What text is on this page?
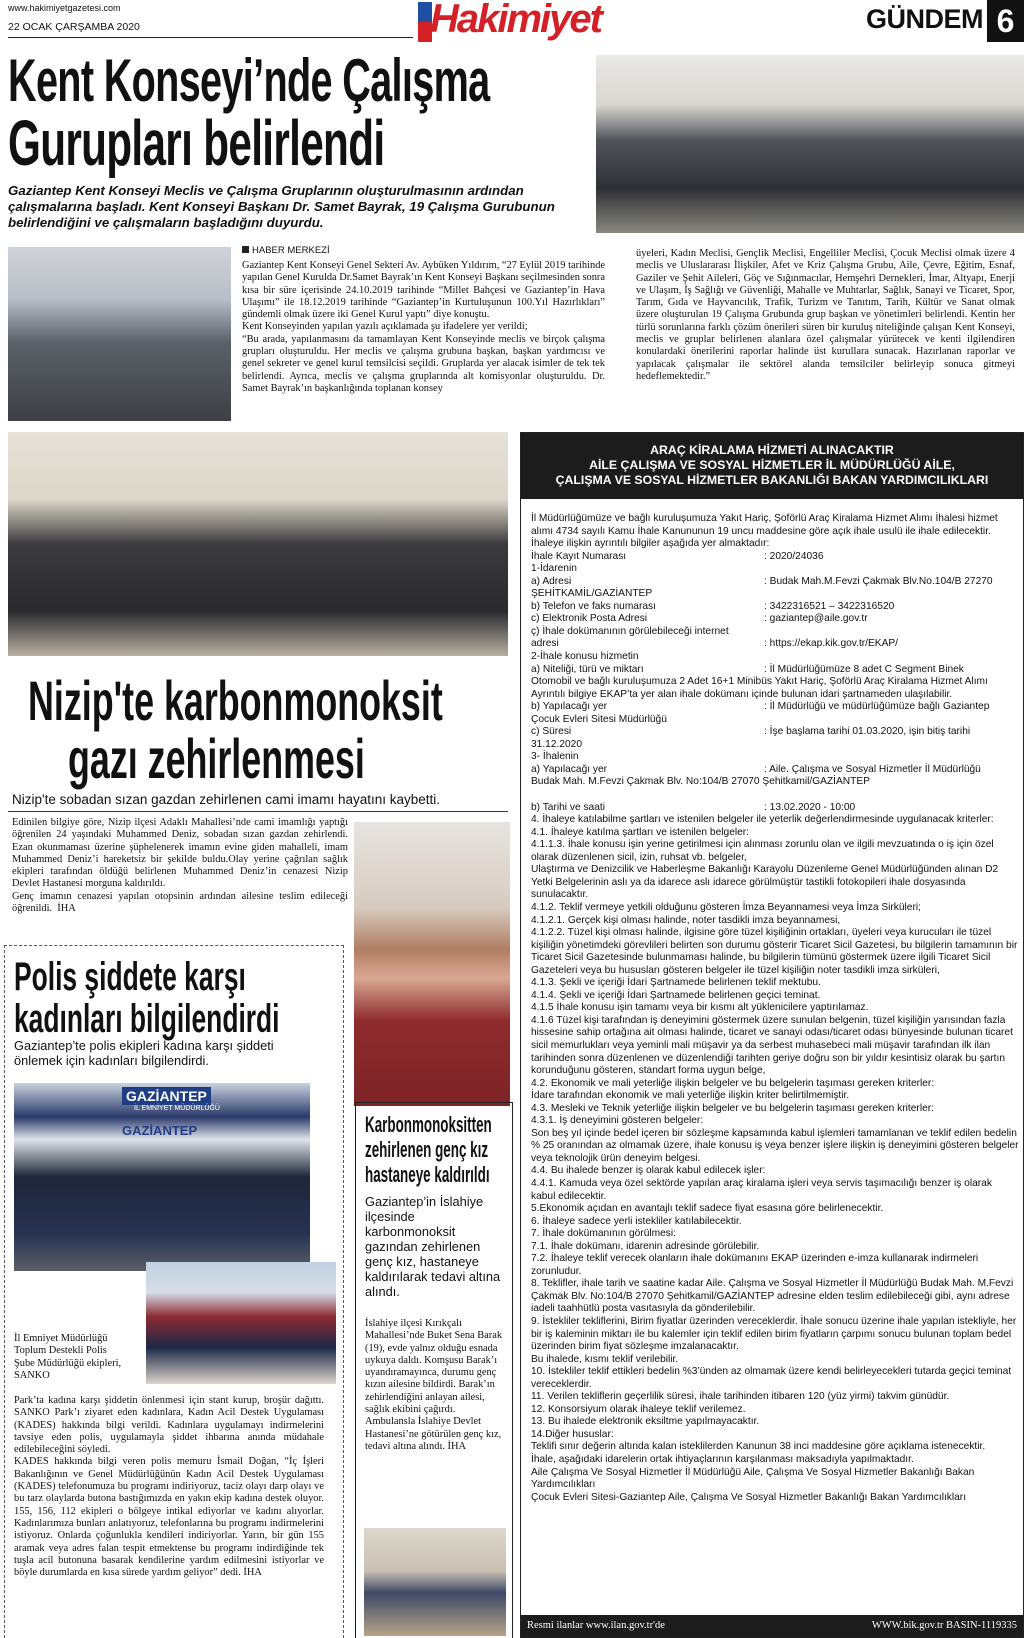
www.hakimiyetgazetesi.com
22 OCAK ÇARŞAMBA 2020	Hakimiyet	GÜNDEM 6
Kent Konseyi’nde Çalışma
Gurupları belirlendi
Gaziantep Kent Konseyi Meclis ve Çalışma Gruplarının oluşturulmasının ardından çalışmalarına başladı. Kent Konseyi Başkanı Dr. Samet Bayrak, 19 Çalışma Gurubunun belirlendiğini ve çalışmaların başladığını duyurdu.
HABER MERKEZİ
Gaziantep Kent Konseyi Genel Sekteri Av. Aybüken Yıldırım, “27 Eylül 2019 tarihinde yapılan Genel Kurulda Dr.Samet Bayrak’ın Kent Konseyi Başkanı seçilmesinden sonra kısa bir süre içerisinde 24.10.2019 tarihinde “Millet Bahçesi ve Gaziantep’in Hava Ulaşımı” ile 18.12.2019 tarihinde “Gaziantep’in Kurtuluşunun 100.Yıl Hazırlıkları” gündemli olmak üzere iki Genel Kurul yaptı” diye konuştu.
Kent Konseyinden yapılan yazılı açıklamada şu ifadelere yer verildi;
“Bu arada, yapılanmasını da tamamlayan Kent Konseyinde meclis ve birçok çalışma grupları oluşturuldu. Her meclis ve çalışma grubuna başkan, başkan yardımcısı ve genel sekreter ve genel kurul temsilcisi seçildi. Gruplarda yer alacak isimler de tek tek belirlendi. Ayrıca, meclis ve çalışma gruplarında alt komisyonlar oluşturuldu. Dr. Samet Bayrak’ın başkanlığında toplanan konsey
üyeleri, Kadın Meclisi, Gençlik Meclisi, Engelliler Meclisi, Çocuk Meclisi olmak üzere 4 meclis ve Uluslararası İlişkiler, Afet ve Kriz Çalışma Grubu, Aile, Çevre, Eğitim, Esnaf, Gaziler ve Şehit Aileleri, Göç ve Sığınmacılar, Hemşehri Dernekleri, İmar, Altyapı, Enerji ve Ulaşım, İş Sağlığı ve Güvenliği, Mahalle ve Muhtarlar, Sağlık, Sanayi ve Ticaret, Spor, Tarım, Gıda ve Hayvancılık, Trafik, Turizm ve Tanıtım, Tarih, Kültür ve Sanat olmak üzere oluşturulan 19 Çalışma Grubunda grup başkan ve yönetimleri belirlendi. Kentin her türlü sorunlarına farklı çözüm önerileri süren bir kuruluş niteliğinde çalışan Kent Konseyi, meclis ve gruplar belirlenen alanlara özel çalışmalar yürütecek ve kenti ilgilendiren konulardaki önerilerini raporlar halinde üst kurullara sunacak. Hazırlanan raporlar ve yapılacak çalışmalar ile sektörel alanda temsilciler belirleyip sonuca gitmeyi hedeflemektedir.”
ARAÇ KİRALAMA HİZMETİ ALINACAKTIR
AİLE ÇALIŞMA VE SOSYAL HİZMETLER İL MÜDÜRLÜĞÜ AİLE,
ÇALIŞMA VE SOSYAL HİZMETLER BAKANLIĞI BAKAN YARDIMCILIKLARI
İl Müdürlüğümüze ve bağlı kuruluşumuza Yakıt Hariç, Şoförlü Araç Kiralama Hizmet Alımı İhalesi hizmet alımı 4734 sayılı Kamu İhale Kanununun 19 uncu maddesine göre açık ihale usulü ile ihale edilecektir.  İhaleye ilişkin ayrıntılı bilgiler aşağıda yer almaktadır:
İhale Kayıt Numarası	: 2020/24036
1-İdarenin
a) Adresi	: Budak Mah.M.Fevzi Çakmak Blv.No.104/B 27270
ŞEHİTKAMİL/GAZİANTEP
b) Telefon ve faks numarası	: 3422316521 – 3422316520
c) Elektronik Posta Adresi	: gaziantep@aile.gov.tr
ç) İhale dokümanının görülebileceği internet
adresi	: https://ekap.kik.gov.tr/EKAP/
2-İhale konusu hizmetin
a) Niteliği, türü ve miktarı	: İl Müdürlüğümüze 8 adet C Segment Binek
Otomobil ve bağlı kuruluşumuza 2 Adet 16+1 Minibüs Yakıt Hariç, Şoförlü Araç Kiralama Hizmet Alımı
Ayrıntılı bilgiye EKAP’ta yer alan ihale dokümanı içinde bulunan idari şartnameden ulaşılabilir.
b) Yapılacağı yer	: İl Müdürlüğü ve müdürlüğümüze bağlı Gaziantep
Çocuk Evleri Sitesi Müdürlüğü
c) Süresi	: İşe başlama tarihi 01.03.2020, işin bitiş tarihi
31.12.2020
3- İhalenin
a) Yapılacağı yer	: Aile. Çalışma ve Sosyal Hizmetler İl Müdürlüğü
Budak Mah. M.Fevzi Çakmak Blv. No:104/B 27070 Şehitkamil/GAZİANTEP

b) Tarihi ve saati	: 13.02.2020 - 10:00
4. İhaleye katılabilme şartları ve istenilen belgeler ile yeterlik değerlendirmesinde uygulanacak kriterler:
4.1. İhaleye katılma şartları ve istenilen belgeler:
4.1.1.3. İhale konusu işin yerine getirilmesi için alınması zorunlu olan ve ilgili mevzuatında o iş için özel olarak düzenlenen sicil, izin, ruhsat vb. belgeler,
Ulaştırma ve Denizcilik ve Haberleşme Bakanlığı Karayolu Düzenleme Genel Müdürlüğünden alınan D2 Yetki Belgelerinin aslı ya da idarece aslı idarece görülmüştür tastikli fotokopileri ihale dosyasında sunulacaktır.
4.1.2. Teklif vermeye yetkili olduğunu gösteren İmza Beyannamesi veya İmza Sirküleri;
4.1.2.1. Gerçek kişi olması halinde, noter tasdikli imza beyannamesi,
4.1.2.2. Tüzel kişi olması halinde, ilgisine göre tüzel kişiliğinin ortakları, üyeleri veya kurucuları ile tüzel kişiliğin yönetimdeki görevlileri belirten son durumu gösterir Ticaret Sicil Gazetesi, bu bilgilerin tamamının bir Ticaret Sicil Gazetesinde bulunmaması halinde, bu bilgilerin tümünü göstermek üzere ilgili Ticaret Sicil Gazeteleri veya bu hususları gösteren belgeler ile tüzel kişiliğin noter tasdikli imza sirküleri,
4.1.3. Şekli ve içeriği İdari Şartnamede belirlenen teklif mektubu.
4.1.4. Şekli ve içeriği İdari Şartnamede belirlenen geçici teminat.
4.1.5 İhale konusu işin tamamı veya bir kısmı alt yüklenicilere yaptırılamaz.
4.1.6 Tüzel kişi tarafından iş deneyimini göstermek üzere sunulan belgenin, tüzel kişiliğin yarısından fazla hissesine sahip ortağına ait olması halinde, ticaret ve sanayi odası/ticaret odası bünyesinde bulunan ticaret sicil memurlukları veya yeminli mali müşavir ya da serbest muhasebeci mali müşavir tarafından ilk ilan tarihinden sonra düzenlenen ve düzenlendiği tarihten geriye doğru son bir yıldır kesintisiz olarak bu şartın korunduğunu gösteren, standart forma uygun belge,
4.2. Ekonomik ve mali yeterliğe ilişkin belgeler ve bu belgelerin taşıması gereken kriterler:
İdare tarafından ekonomik ve mali yeterliğe ilişkin kriter belirtilmemiştir.
4.3. Mesleki ve Teknik yeterliğe ilişkin belgeler ve bu belgelerin taşıması gereken kriterler:
4.3.1. İş deneyimini gösteren belgeler:
Son beş yıl içinde bedel içeren bir sözleşme kapsamında kabul işlemleri tamamlanan ve teklif edilen bedelin % 25 oranından az olmamak üzere, ihale konusu iş veya benzer işlere ilişkin iş deneyimini gösteren belgeler veya teknolojik ürün deneyim belgesi.
4.4. Bu ihalede benzer iş olarak kabul edilecek işler:
4.4.1. Kamuda veya özel sektörde yapılan araç kiralama işleri veya servis taşımacılığı benzer iş olarak kabul edilecektir.
5.Ekonomik açıdan en avantajlı teklif sadece fiyat esasına göre belirlenecektir.
6. İhaleye sadece yerli istekliler katılabilecektir.
7. İhale dokümanının görülmesi:
7.1. İhale dokümanı, idarenin adresinde görülebilir.
7.2. İhaleye teklif verecek olanların ihale dokümanını EKAP üzerinden e-imza kullanarak indirmeleri zorunludur.
8. Teklifler, ihale tarih ve saatine kadar Aile. Çalışma ve Sosyal Hizmetler İl Müdürlüğü Budak Mah. M.Fevzi Çakmak Blv. No:104/B 27070 Şehitkamil/GAZİANTEP adresine elden teslim edilebileceği gibi, aynı adrese iadeli taahhütlü posta vasıtasıyla da gönderilebilir.
9. İstekliler tekliflerini, Birim fiyatlar üzerinden vereceklerdir. İhale sonucu üzerine ihale yapılan istekliyle, her bir iş kaleminin miktarı ile bu kalemler için teklif edilen birim fiyatların çarpımı sonucu bulunan toplam bedel üzerinden birim fiyat sözleşme imzalanacaktır.
Bu ihalede, kısmı teklif verilebilir.
10. İstekliler teklif ettikleri bedelin %3’ünden az olmamak üzere kendi belirleyecekleri tutarda geçici teminat vereceklerdir.
11. Verilen tekliflerin geçerlilik süresi, ihale tarihinden itibaren 120 (yüz yirmi) takvim günüdür.
12. Konsorsiyum olarak ihaleye teklif verilemez.
13. Bu ihalede elektronik eksiltme yapılmayacaktır.
14.Diğer hususlar:
Teklifi sınır değerin altında kalan isteklilerden Kanunun 38 inci maddesine göre açıklama istenecektir.
İhale, aşağıdaki idarelerin ortak ihtiyaçlarının karşılanması maksadıyla yapılmaktadır.
Aile Çalışma Ve Sosyal Hizmetler İl Müdürlüğü Aile, Çalışma Ve Sosyal Hizmetler Bakanlığı Bakan Yardımcılıkları
Çocuk Evleri Sitesi-Gaziantep Aile, Çalışma Ve Sosyal Hizmetler Bakanlığı Bakan Yardımcılıkları
Resmi ilanlar www.ilan.gov.tr'de	WWW.bik.gov.tr BASIN-1119335
Nizip'te karbonmonoksit
gazı zehirlenmesi
Nizip'te sobadan sızan gazdan zehirlenen cami imamı hayatını kaybetti.
Edinilen bilgiye göre, Nizip ilçesi Adaklı Mahallesi’nde cami imamlığı yaptığı öğrenilen 24 yaşındaki Muhammed Deniz, sobadan sızan gazdan zehirlendi. Ezan okunmaması üzerine şüphelenerek imamın evine giden mahalleli, imam Muhammed Deniz’i hareketsiz bir şekilde buldu.Olay yerine çağrılan sağlık ekipleri tarafından öldüğü belirlenen Muhammed Deniz’in cenazesi Nizip Devlet Hastanesi morguna kaldırıldı.
Genç imamın cenazesi yapılan otopsinin ardından ailesine teslim edileceği öğrenildi.  İHA
Polis şiddete karşı
kadınları bilgilendirdi
Gaziantep’te polis ekipleri kadına karşı şiddeti önlemek için kadınları bilgilendirdi.
GAZİANTEP
İL EMNİYET MÜDÜRLÜĞÜ
GAZİANTEP
İl Emniyet Müdürlüğü Toplum Destekli Polis Şube Müdürlüğü ekipleri, SANKO
Park’ta kadına karşı şiddetin önlenmesi için stant kurup, broşür dağıttı. SANKO Park’ı ziyaret eden kadınlara, Kadın Acil Destek Uygulaması (KADES) hakkında bilgi verildi. Kadınlara uygulamayı indirmelerini tavsiye eden polis, uygulamayla şiddet ihbarına anında müdahale edilebileceğini söyledi.
KADES hakkında bilgi veren polis memuru İsmail Doğan, “İç İşleri Bakanlığının ve Genel Müdürlüğünün Kadın Acil Destek Uygulaması (KADES) telefonumuza bu programı indiriyoruz, taciz olayı darp olayı ve bu tarz olaylarda butona bastığımızda en yakın ekip kadına destek oluyor. 155, 156, 112 ekipleri o bölgeye intikal ediyorlar ve kadını alıyorlar. Kadınlarımıza bunları anlatıyoruz, telefonlarına bu programı indirmelerini istiyoruz. Onlarda çoğunlukla kendileri indiriyorlar. Yarın, bir gün 155 aramak veya adres falan tespit etmektense bu programı indirdiğinde tek tuşla acil butonuna basarak kendilerine yardım edilmesini istiyorlar ve böyle durumlarda en kısa sürede yardım geliyor” dedi. İHA
Karbonmonoksitten
zehirlenen genç kız
hastaneye kaldırıldı
Gaziantep’in İslahiye ilçesinde karbonmonoksit gazından zehirlenen genç kız, hastaneye kaldırılarak tedavi altına alındı.
İslahiye ilçesi Kırıkçalı Mahallesi’nde Buket Sena Barak (19), evde yalnız olduğu esnada uykuya daldı. Komşusu Barak’ı uyandıramayınca, durumu genç kızın ailesine bildirdi. Barak’ın zehirlendiğini anlayan ailesi, sağlık ekibini çağırdı. Ambulansla İslahiye Devlet Hastanesi’ne götürülen genç kız, tedavi altına alındı. İHA
